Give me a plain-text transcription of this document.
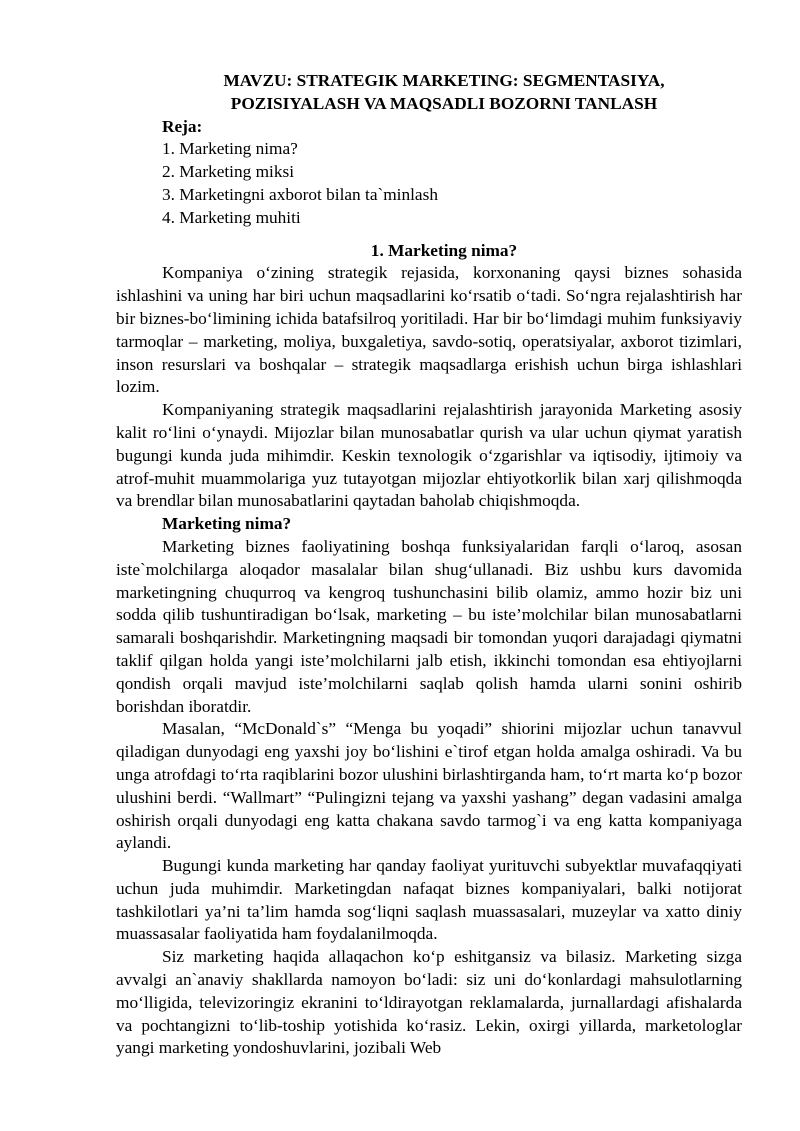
MAVZU: STRATEGIK MARKETING: SEGMENTASIYA,
POZISIYALASH VA MAQSADLI BOZORNI TANLASH

Reja:

1. Marketing nima?
2. Marketing miksi
3. Marketingni axborot bilan ta`minlash
4. Marketing muhiti

1. Marketing nima?

Kompaniya o‘zining strategik rejasida, korxonaning qaysi biznes sohasida ishlashini va uning har biri uchun maqsadlarini ko‘rsatib o‘tadi. So‘ngra rejalashtirish har bir biznes-bo‘limining ichida batafsilroq yoritiladi. Har bir bo‘limdagi muhim funksiyaviy tarmoqlar – marketing, moliya, buxgaletiya, savdo-sotiq, operatsiyalar, axborot tizimlari, inson resurslari va boshqalar – strategik maqsadlarga erishish uchun birga ishlashlari lozim.

Kompaniyaning strategik maqsadlarini rejalashtirish jarayonida Marketing asosiy kalit ro‘lini o‘ynaydi. Mijozlar bilan munosabatlar qurish va ular uchun qiymat yaratish bugungi kunda juda mihimdir. Keskin texnologik o‘zgarishlar va iqtisodiy, ijtimoiy va atrof-muhit muammolariga yuz tutayotgan mijozlar ehtiyotkorlik bilan xarj qilishmoqda va brendlar bilan munosabatlarini qaytadan baholab chiqishmoqda.

Marketing nima?

Marketing biznes faoliyatining boshqa funksiyalaridan farqli o‘laroq, asosan iste`molchilarga aloqador masalalar bilan shug‘ullanadi. Biz ushbu kurs davomida marketingning chuqurroq va kengroq tushunchasini bilib olamiz, ammo hozir biz uni sodda qilib tushuntiradigan bo‘lsak, marketing – bu iste’molchilar bilan munosabatlarni samarali boshqarishdir. Marketingning maqsadi bir tomondan yuqori darajadagi qiymatni taklif qilgan holda yangi iste’molchilarni jalb etish, ikkinchi tomondan esa ehtiyojlarni qondish orqali mavjud iste’molchilarni saqlab qolish hamda ularni sonini oshirib borishdan iboratdir.

Masalan, “McDonald`s” “Menga bu yoqadi” shiorini mijozlar uchun tanavvul qiladigan dunyodagi eng yaxshi joy bo‘lishini e`tirof etgan holda amalga oshiradi. Va bu unga atrofdagi to‘rta raqiblarini bozor ulushini birlashtirganda ham, to‘rt marta ko‘p bozor ulushini berdi. “Wallmart” “Pulingizni tejang va yaxshi yashang” degan vadasini amalga oshirish orqali dunyodagi eng katta chakana savdo tarmog`i va eng katta kompaniyaga aylandi.

Bugungi kunda marketing har qanday faoliyat yurituvchi subyektlar muvafaqqiyati uchun juda muhimdir. Marketingdan nafaqat biznes kompaniyalari, balki notijorat tashkilotlari ya’ni ta’lim hamda sog‘liqni saqlash muassasalari, muzeylar va xatto diniy muassasalar faoliyatida ham foydalanilmoqda.

Siz marketing haqida allaqachon ko‘p eshitgansiz va bilasiz. Marketing sizga avvalgi an`anaviy shakllarda namoyon bo‘ladi: siz uni do‘konlardagi mahsulotlarning mo‘lligida, televizoringiz ekranini to‘ldirayotgan reklamalarda, jurnallardagi afishalarda va pochtangizni to‘lib-toship yotishida ko‘rasiz. Lekin, oxirgi yillarda, marketologlar yangi marketing yondoshuvlarini, jozibali Web
